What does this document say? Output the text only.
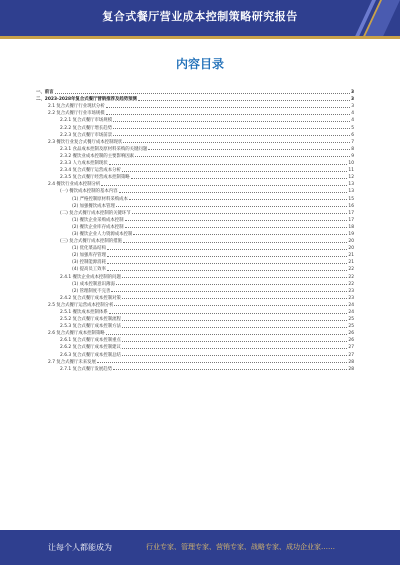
复合式餐厅营业成本控制策略研究报告
内容目录
一、前言	3
二、2023-2028年复合式餐厅营销推荐及趋势预测	3
2.1 复合式餐厅行业现状分析	3
2.2 复合式餐厅行业市场规模	4
2.2.1 复合式餐厅市场规模	4
2.2.2 复合式餐厅增长趋势	5
2.2.3 复合式餐厅市场前景	6
2.3 餐饮行业复合式餐厅成本控制现状	7
2.3.1 食品成本控制及原材料采购的关键问题	8
2.3.2 餐饮业成本控制的主要影响因素	9
2.3.3 人力成本控制现状	10
2.3.4 复合式餐厅运营成本分析	11
2.3.5 复合式餐厅经营成本控制策略	12
2.4 餐饮行业成本控制分析	13
(一) 餐饮成本控制的基本内容	13
(1) 严格控制原材料采购成本	15
(2) 加强餐饮成本管理	16
(二) 复合式餐厅成本控制的关键环节	17
(1) 餐饮企业采购成本控制	17
(2) 餐饮企业库存成本控制	18
(3) 餐饮企业人力资源成本控制	19
(三) 复合式餐厅成本控制的措施	20
(1) 优化菜品结构	20
(2) 加强库存管理	21
(3) 控制能源消耗	21
(4) 提高员工效率	22
2.4.1 餐饮企业成本控制的问题	22
(1) 成本控制意识薄弱	22
(2) 管理制度不完善	23
2.4.2 复合式餐厅成本控制对策	23
2.5 复合式餐厅运营成本控制分析	24
2.5.1 餐饮成本控制体系	24
2.5.2 复合式餐厅成本控制流程	25
2.5.3 复合式餐厅成本控制方法	25
2.6 复合式餐厅成本控制策略	26
2.6.1 复合式餐厅成本控制重点	26
2.6.2 复合式餐厅成本控制建议	27
2.6.3 复合式餐厅成本控制总结	27
2.7 复合式餐厅未来发展	28
2.7.1 复合式餐厅发展趋势	28
让每个人都能成为	行业专家、管理专家、营销专家、战略专家、成功企业家……
